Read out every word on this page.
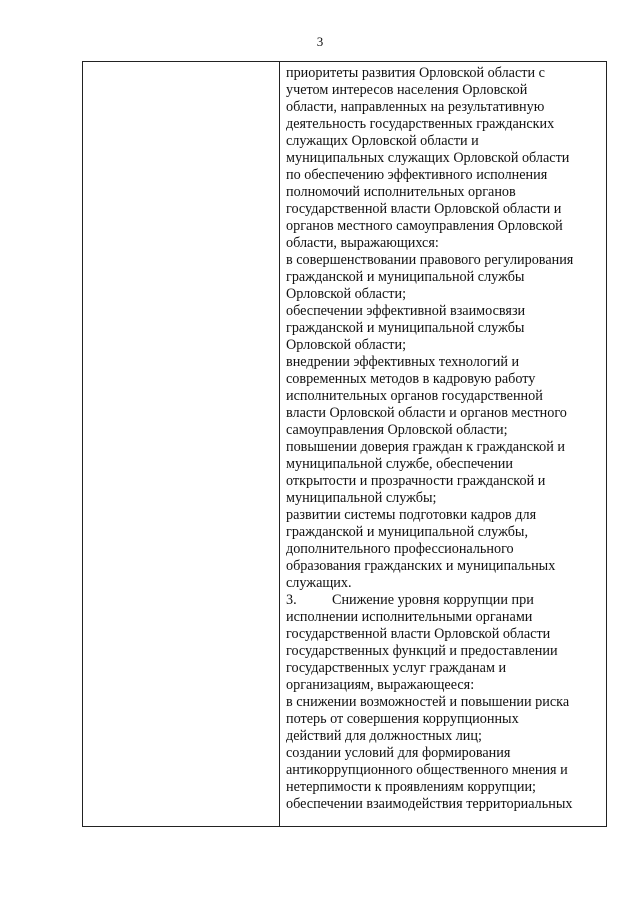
3
приоритеты развития Орловской области с
учетом интересов населения Орловской
области, направленных на результативную
деятельность государственных гражданских
служащих Орловской области и
муниципальных служащих Орловской области
по обеспечению эффективного исполнения
полномочий исполнительных органов
государственной власти Орловской области и
органов местного самоуправления Орловской
области, выражающихся:
в совершенствовании правового регулирования
гражданской и муниципальной службы
Орловской области;
обеспечении эффективной взаимосвязи
гражданской и муниципальной службы
Орловской области;
внедрении эффективных технологий и
современных методов в кадровую работу
исполнительных органов государственной
власти Орловской области и органов местного
самоуправления Орловской области;
повышении доверия граждан к гражданской и
муниципальной службе, обеспечении
открытости и прозрачности гражданской и
муниципальной службы;
развитии системы подготовки кадров для
гражданской и муниципальной службы,
дополнительного профессионального
образования гражданских и муниципальных
служащих.
3. Снижение уровня коррупции при
исполнении исполнительными органами
государственной власти Орловской области
государственных функций и предоставлении
государственных услуг гражданам и
организациям, выражающееся:
в снижении возможностей и повышении риска
потерь от совершения коррупционных
действий для должностных лиц;
создании условий для формирования
антикоррупционного общественного мнения и
нетерпимости к проявлениям коррупции;
обеспечении взаимодействия территориальных
